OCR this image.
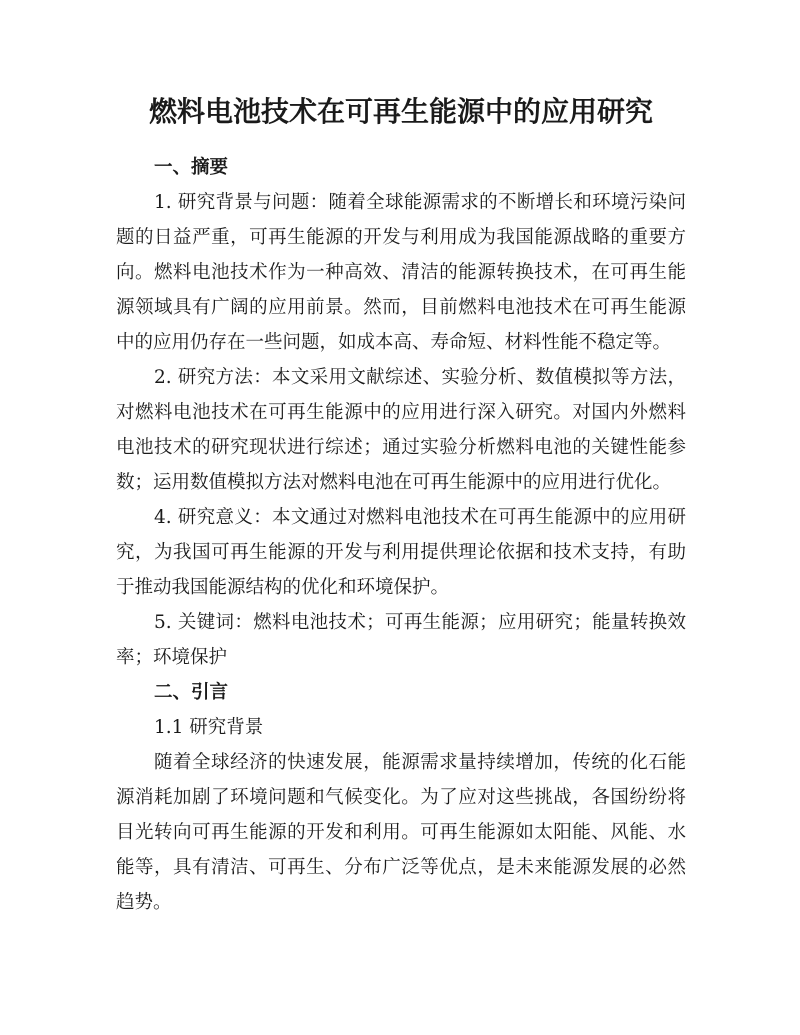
燃料电池技术在可再生能源中的应用研究
一、摘要

1. 研究背景与问题：随着全球能源需求的不断增长和环境污染问题的日益严重，可再生能源的开发与利用成为我国能源战略的重要方向。燃料电池技术作为一种高效、清洁的能源转换技术，在可再生能源领域具有广阔的应用前景。然而，目前燃料电池技术在可再生能源中的应用仍存在一些问题，如成本高、寿命短、材料性能不稳定等。

2. 研究方法：本文采用文献综述、实验分析、数值模拟等方法，对燃料电池技术在可再生能源中的应用进行深入研究。对国内外燃料电池技术的研究现状进行综述；通过实验分析燃料电池的关键性能参数；运用数值模拟方法对燃料电池在可再生能源中的应用进行优化。

4. 研究意义：本文通过对燃料电池技术在可再生能源中的应用研究，为我国可再生能源的开发与利用提供理论依据和技术支持，有助于推动我国能源结构的优化和环境保护。

5. 关键词：燃料电池技术；可再生能源；应用研究；能量转换效率；环境保护

二、引言

1.1 研究背景

随着全球经济的快速发展，能源需求量持续增加，传统的化石能源消耗加剧了环境问题和气候变化。为了应对这些挑战，各国纷纷将目光转向可再生能源的开发和利用。可再生能源如太阳能、风能、水能等，具有清洁、可再生、分布广泛等优点，是未来能源发展的必然趋势。
